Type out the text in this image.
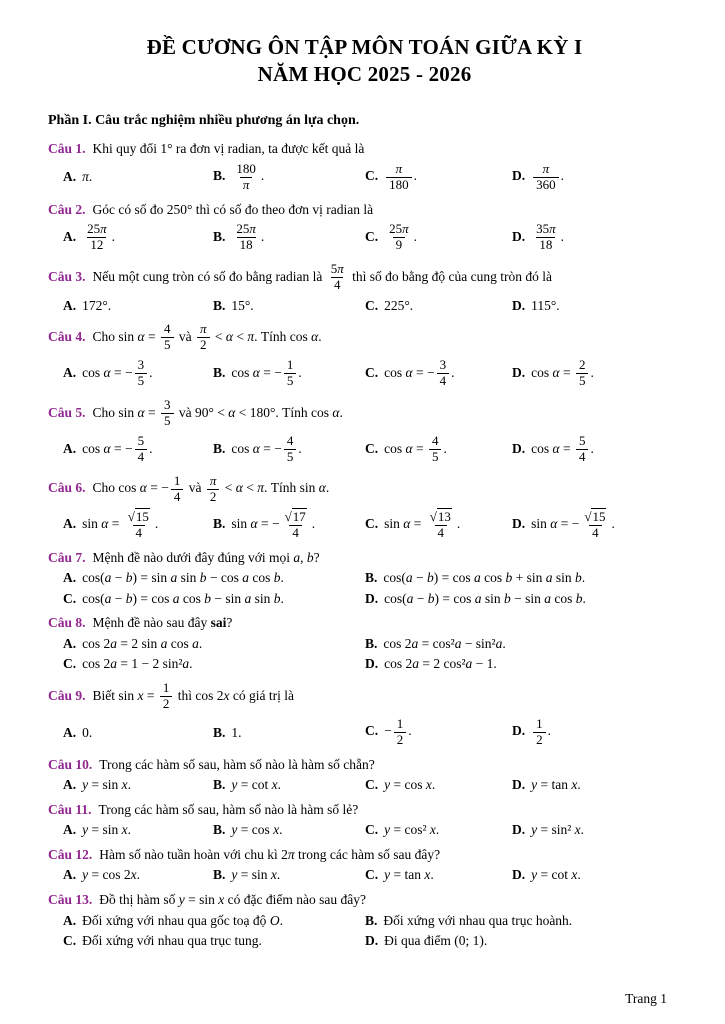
ĐỀ CƯƠNG ÔN TẬP MÔN TOÁN GIỮA KỲ I
NĂM HỌC 2025 - 2026
Phần I. Câu trắc nghiệm nhiều phương án lựa chọn.
Câu 1. Khi quy đổi 1° ra đơn vị radian, ta được kết quả là
A. π.	B. $\frac{180}{\pi}$ .	C. $\frac{\pi}{180}$ .	D. $\frac{\pi}{360}$ .
Câu 2. Góc có số đo 250° thì có số đo theo đơn vị radian là
A. $\frac{25\pi}{12}$ .	B. $\frac{25\pi}{18}$ .	C. $\frac{25\pi}{9}$ .	D. $\frac{35\pi}{18}$ .
Câu 3. Nếu một cung tròn có số đo bằng radian là $\frac{5\pi}{4}$ thì số đo bằng độ của cung tròn đó là
A. 172°.	B. 15°.	C. 225°.	D. 115°.
Câu 4. Cho $\sin \alpha = \frac{4}{5}$ và $\frac{\pi}{2} < \alpha < \pi$. Tính cos α.
A. cos α = − $\frac{3}{5}$ .	B. cos α = − $\frac{1}{5}$ .	C. cos α = − $\frac{3}{4}$ .	D. $\cos \alpha = \frac{2}{5}$ .
Câu 5. Cho $\sin \alpha = \frac{3}{5}$ và 90° < α < 180°. Tính cos α.
A. cos α = − $\frac{5}{4}$ .	B. cos α = − $\frac{4}{5}$ .	C. $\cos \alpha = \frac{4}{5}$ .	D. $\cos \alpha = \frac{5}{4}$ .
Câu 6. Cho cos α = − $\frac{1}{4}$ và $\frac{\pi}{2} < \alpha < \pi$. Tính sin α.
A. $\sin \alpha = \frac{√15}{4}$ .	B. sin α = − $\frac{√17}{4}$ .	C. $\sin \alpha = \frac{√13}{4}$ .	D. sin α = − $\frac{√15}{4}$ .
Câu 7. Mệnh đề nào dưới đây đúng với mọi a, b?
A. cos(a − b) = sin a sin b − cos a cos b.	B. cos(a − b) = cos a cos b + sin a sin b.
C. cos(a − b) = cos a cos b − sin a sin b.	D. cos(a − b) = cos a sin b − sin a cos b.
Câu 8. Mệnh đề nào sau đây sai?
A. cos 2a = 2 sin a cos a.	B. cos 2a = cos²a − sin²a.
C. cos 2a = 1 − 2 sin²a.	D. cos 2a = 2 cos²a − 1.
Câu 9. Biết $\sin x = \frac{1}{2}$ thì cos 2x có giá trị là
A. 0.	B. 1.	C. − $\frac{1}{2}$ .	D. $\frac{1}{2}$ .
Câu 10. Trong các hàm số sau, hàm số nào là hàm số chẵn?
A. y = sin x.	B. y = cot x.	C. y = cos x.	D. y = tan x.
Câu 11. Trong các hàm số sau, hàm số nào là hàm số lẻ?
A. y = sin x.	B. y = cos x.	C. y = cos² x.	D. y = sin² x.
Câu 12. Hàm số nào tuần hoàn với chu kì 2π trong các hàm số sau đây?
A. y = cos 2x.	B. y = sin x.	C. y = tan x.	D. y = cot x.
Câu 13. Đồ thị hàm số y = sin x có đặc điểm nào sau đây?
A. Đối xứng với nhau qua gốc toạ độ O.	B. Đối xứng với nhau qua trục hoành.
C. Đối xứng với nhau qua trục tung.	D. Đi qua điểm (0; 1).
Trang 1
